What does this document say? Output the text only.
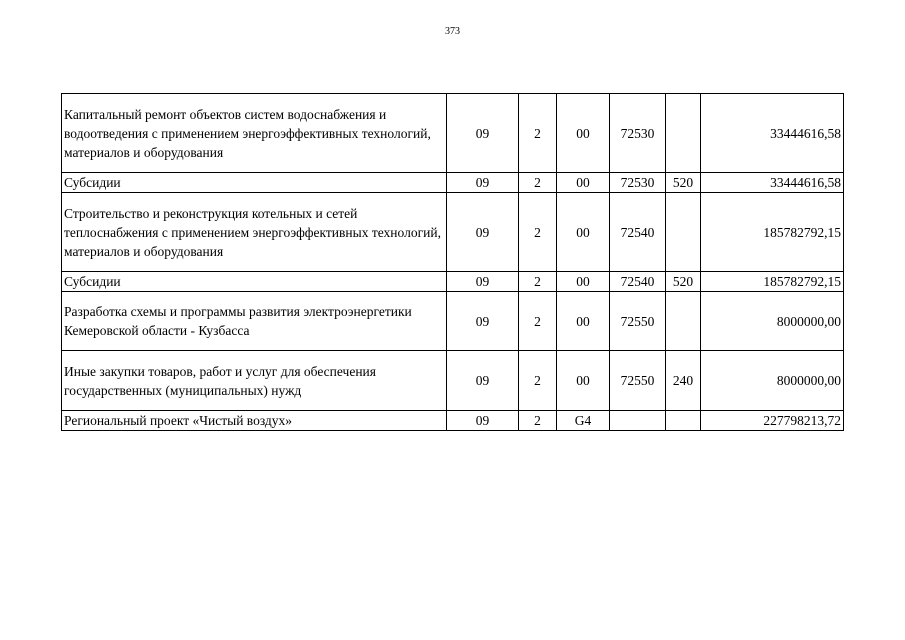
373
Капитальный ремонт объектов систем водоснабжения и водоотведения с применением энергоэффективных технологий, материалов и оборудования	09	2	00	72530		33444616,58
Субсидии	09	2	00	72530	520	33444616,58
Строительство и реконструкция котельных и сетей теплоснабжения с применением энергоэффективных технологий, материалов и оборудования	09	2	00	72540		185782792,15
Субсидии	09	2	00	72540	520	185782792,15
Разработка схемы и программы развития электроэнергетики Кемеровской области - Кузбасса	09	2	00	72550		8000000,00
Иные закупки товаров, работ и услуг для обеспечения государственных (муниципальных) нужд	09	2	00	72550	240	8000000,00
Региональный проект «Чистый воздух»	09	2	G4			227798213,72
